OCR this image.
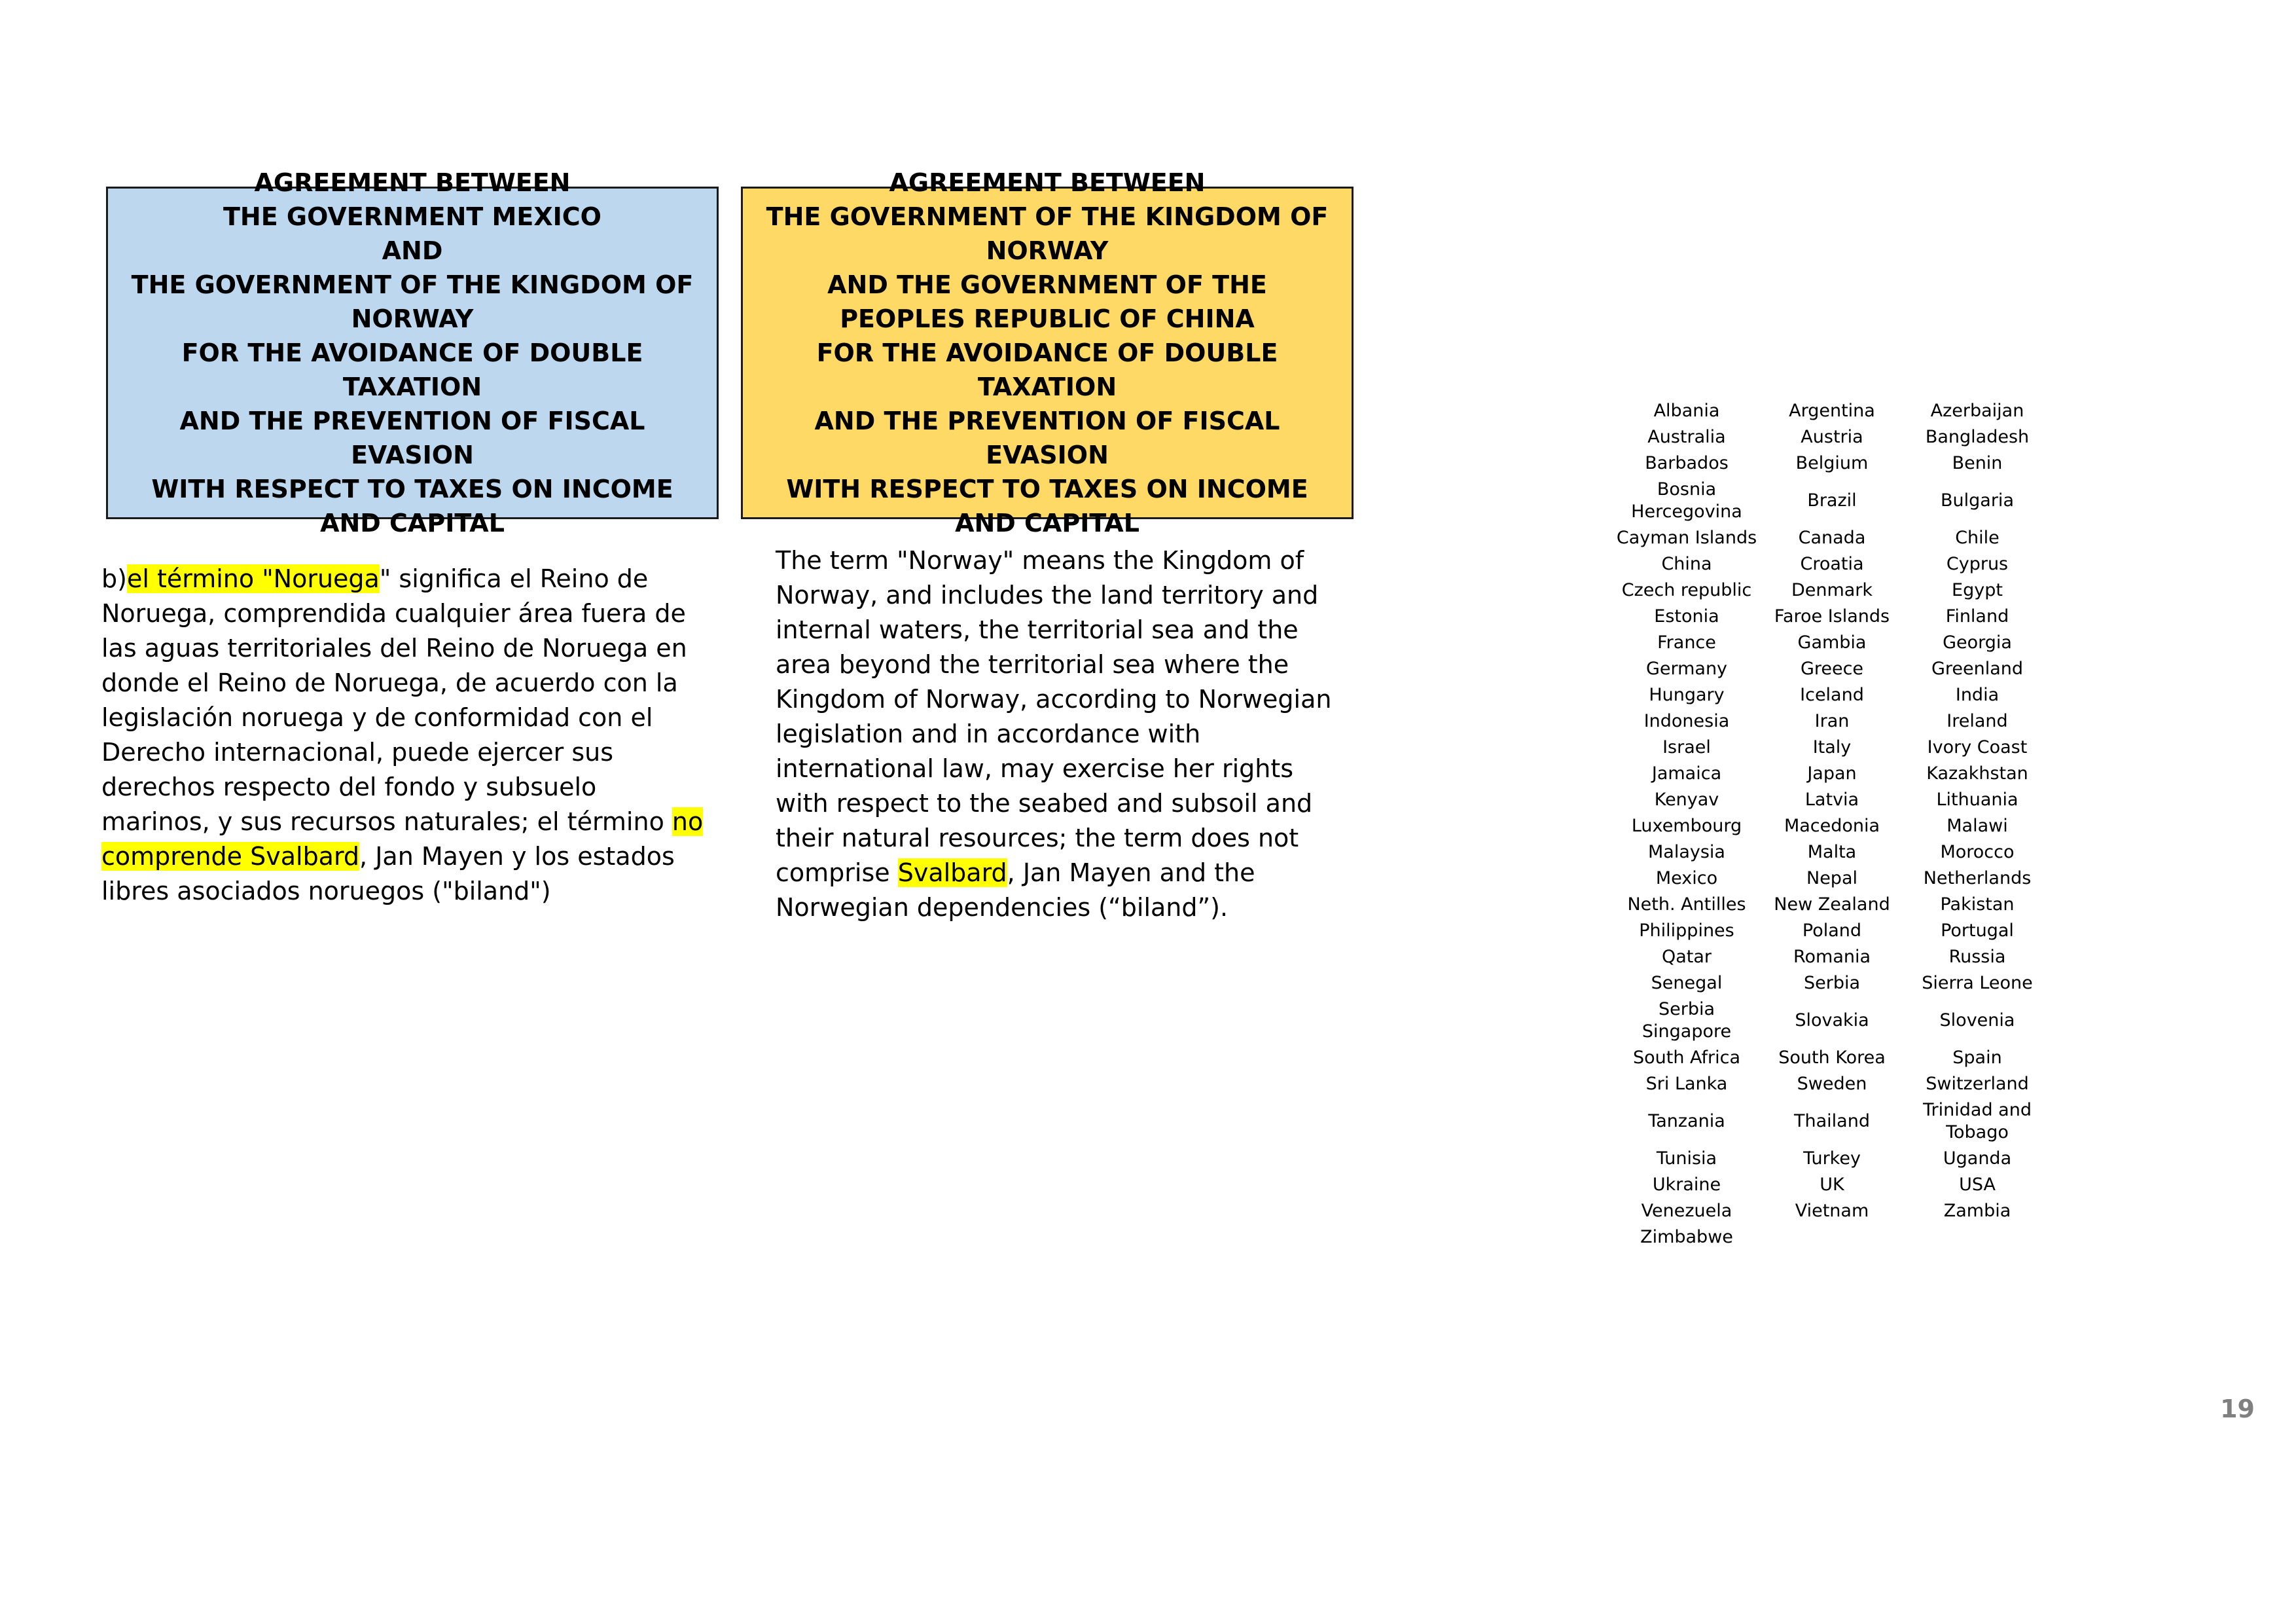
AGREEMENT BETWEEN
THE GOVERNMENT MEXICO
AND
THE GOVERNMENT OF THE KINGDOM OF NORWAY
FOR THE AVOIDANCE OF DOUBLE TAXATION
AND THE PREVENTION OF FISCAL EVASION
WITH RESPECT TO TAXES ON INCOME AND CAPITAL
AGREEMENT BETWEEN
THE GOVERNMENT OF THE KINGDOM OF NORWAY
AND THE GOVERNMENT OF THE PEOPLES REPUBLIC OF CHINA
FOR THE AVOIDANCE OF DOUBLE TAXATION
AND THE PREVENTION OF FISCAL EVASION
WITH RESPECT TO TAXES ON INCOME AND CAPITAL
b)el término "Noruega" significa el Reino de Noruega, comprendida cualquier área fuera de las aguas territoriales del Reino de Noruega en donde el Reino de Noruega, de acuerdo con la legislación noruega y de conformidad con el Derecho internacional, puede ejercer sus derechos respecto del fondo y subsuelo marinos, y sus recursos naturales; el término no comprende Svalbard, Jan Mayen y los estados libres asociados noruegos ("biland")
The term "Norway" means the Kingdom of Norway, and includes the land territory and internal waters, the territorial sea and the area beyond the territorial sea where the Kingdom of Norway, according to Norwegian legislation and in accordance with international law, may exercise her rights with respect to the seabed and subsoil and their natural resources; the term does not comprise Svalbard, Jan Mayen and the Norwegian dependencies (“biland”).
Albania	Argentina	Azerbaijan
Australia	Austria	Bangladesh
Barbados	Belgium	Benin
Bosnia Hercegovina	Brazil	Bulgaria
Cayman Islands	Canada	Chile
China	Croatia	Cyprus
Czech republic	Denmark	Egypt
Estonia	Faroe Islands	Finland
France	Gambia	Georgia
Germany	Greece	Greenland
Hungary	Iceland	India
Indonesia	Iran	Ireland
Israel	Italy	Ivory Coast
Jamaica	Japan	Kazakhstan
Kenyav	Latvia	Lithuania
Luxembourg	Macedonia	Malawi
Malaysia	Malta	Morocco
Mexico	Nepal	Netherlands
Neth. Antilles	New Zealand	Pakistan
Philippines	Poland	Portugal
Qatar	Romania	Russia
Senegal	Serbia	Sierra Leone
Serbia Singapore	Slovakia	Slovenia
South Africa	South Korea	Spain
Sri Lanka	Sweden	Switzerland
Tanzania	Thailand	Trinidad and Tobago
Tunisia	Turkey	Uganda
Ukraine	UK	USA
Venezuela	Vietnam	Zambia
Zimbabwe		
19
